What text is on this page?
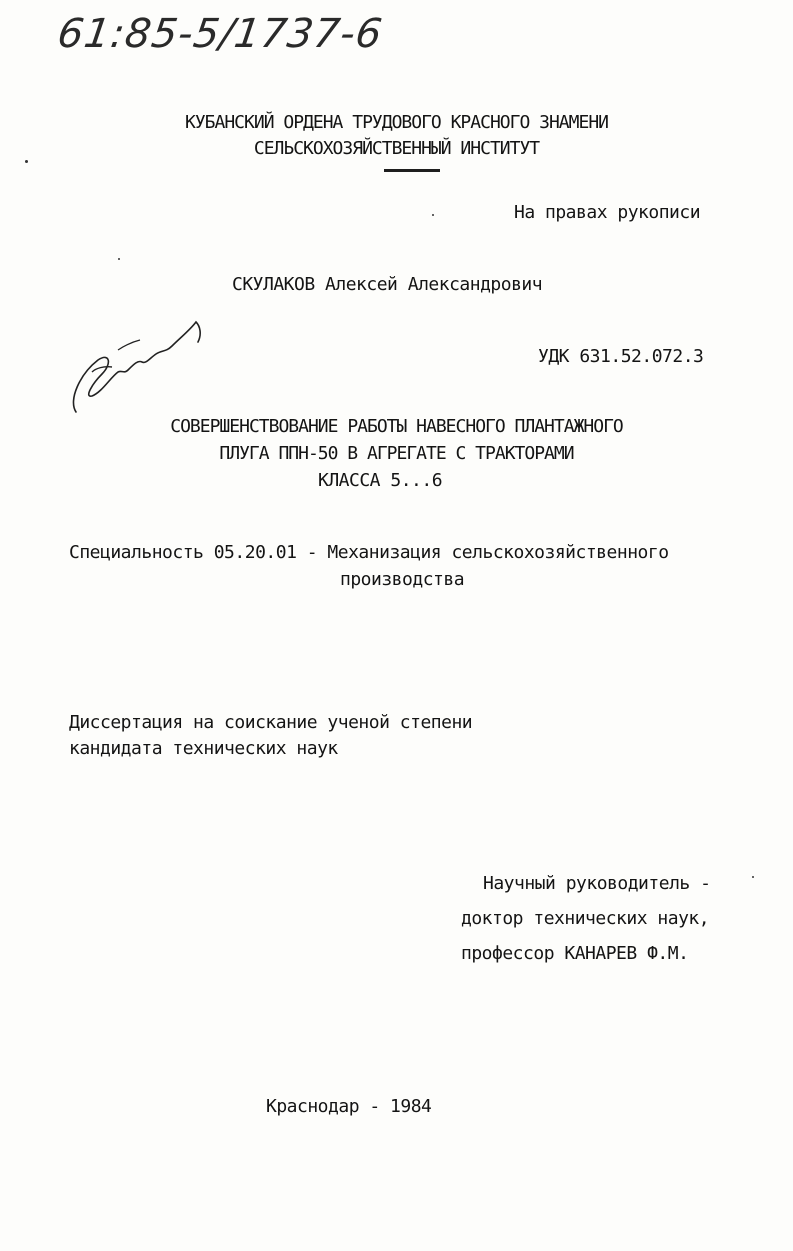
61:85-5/1737-6
КУБАНСКИЙ ОРДЕНА ТРУДОВОГО КРАСНОГО ЗНАМЕНИ
СЕЛЬСКОХОЗЯЙСТВЕННЫЙ ИНСТИТУТ
На правах рукописи
СКУЛАКОВ Алексей Александрович
УДК 631.52.072.3
СОВЕРШЕНСТВОВАНИЕ РАБОТЫ НАВЕСНОГО ПЛАНТАЖНОГО
ПЛУГА ППН-50 В АГРЕГАТЕ С ТРАКТОРАМИ
КЛАССА 5...6
Специальность 05.20.01 - Механизация сельскохозяйственного
производства
Диссертация на соискание ученой степени
кандидата технических наук
Научный руководитель -
доктор технических наук,
профессор КАНАРЕВ Ф.М.
Краснодар - 1984
